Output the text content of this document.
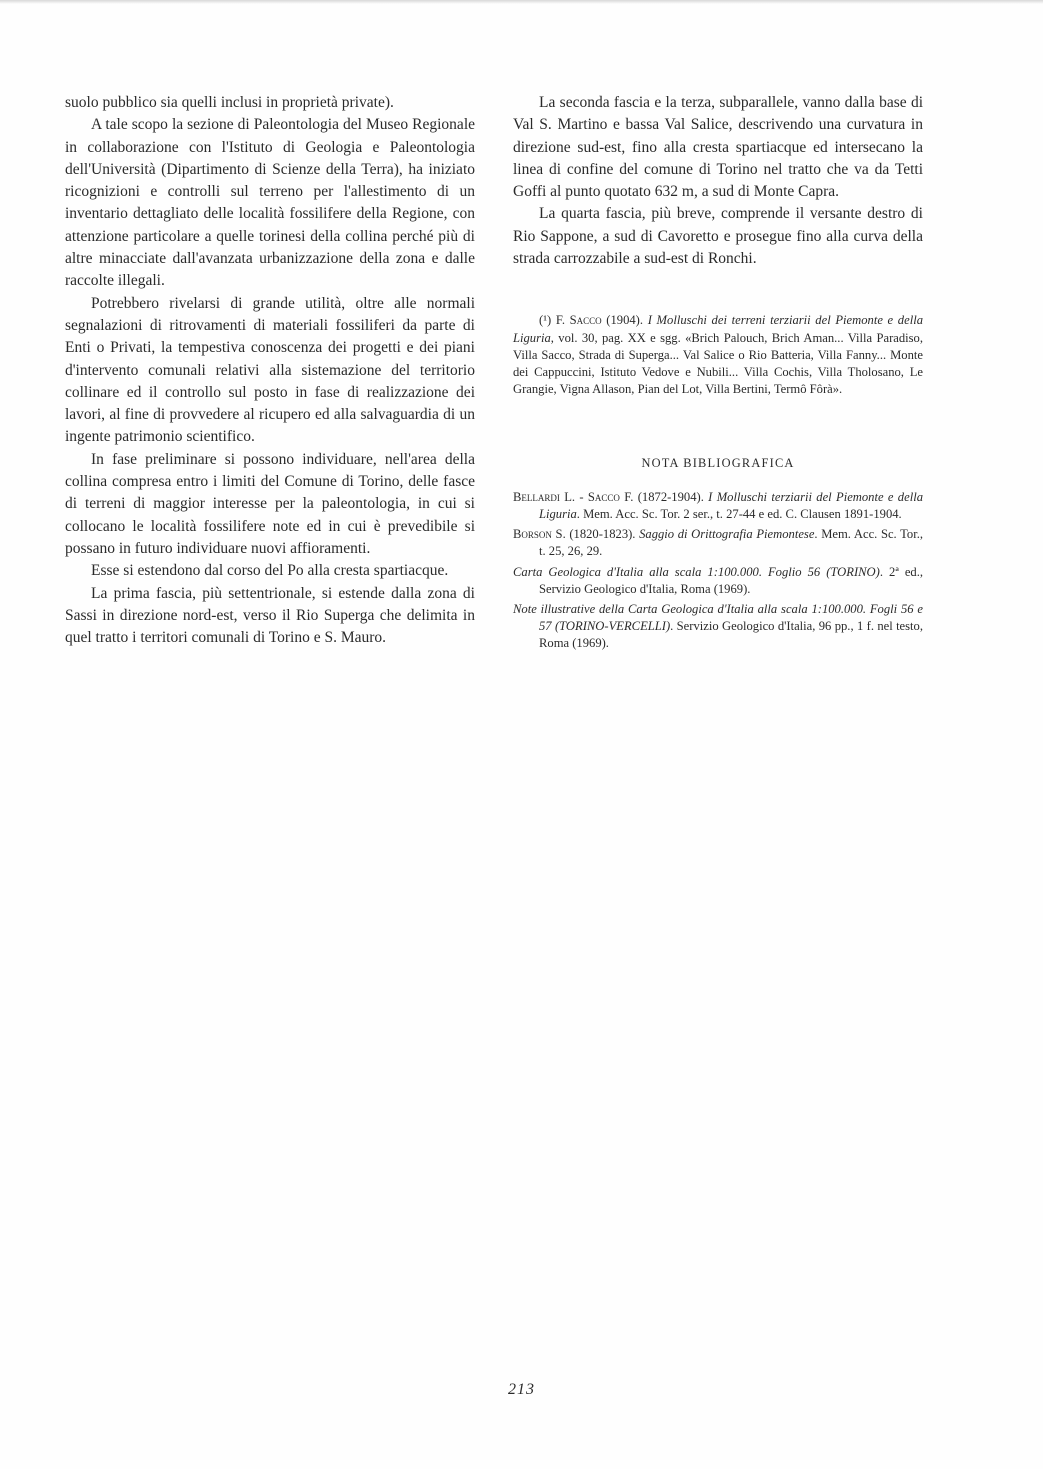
suolo pubblico sia quelli inclusi in proprietà private).

A tale scopo la sezione di Paleontologia del Museo Regionale in collaborazione con l'Istituto di Geologia e Paleontologia dell'Università (Dipartimento di Scienze della Terra), ha iniziato ricognizioni e controlli sul terreno per l'allestimento di un inventario dettagliato delle località fossilifere della Regione, con attenzione particolare a quelle torinesi della collina perché più di altre minacciate dall'avanzata urbanizzazione della zona e dalle raccolte illegali.

Potrebbero rivelarsi di grande utilità, oltre alle normali segnalazioni di ritrovamenti di materiali fossiliferi da parte di Enti o Privati, la tempestiva conoscenza dei progetti e dei piani d'intervento comunali relativi alla sistemazione del territorio collinare ed il controllo sul posto in fase di realizzazione dei lavori, al fine di provvedere al ricupero ed alla salvaguardia di un ingente patrimonio scientifico.

In fase preliminare si possono individuare, nell'area della collina compresa entro i limiti del Comune di Torino, delle fasce di terreni di maggior interesse per la paleontologia, in cui si collocano le località fossilifere note ed in cui è prevedibile si possano in futuro individuare nuovi affioramenti.

Esse si estendono dal corso del Po alla cresta spartiacque.

La prima fascia, più settentrionale, si estende dalla zona di Sassi in direzione nord-est, verso il Rio Superga che delimita in quel tratto i territori comunali di Torino e S. Mauro.

La seconda fascia e la terza, subparallele, vanno dalla base di Val S. Martino e bassa Val Salice, descrivendo una curvatura in direzione sud-est, fino alla cresta spartiacque ed intersecano la linea di confine del comune di Torino nel tratto che va da Tetti Goffi al punto quotato 632 m, a sud di Monte Capra.

La quarta fascia, più breve, comprende il versante destro di Rio Sappone, a sud di Cavoretto e prosegue fino alla curva della strada carrozzabile a sud-est di Ronchi.

(¹) F. Sacco (1904). I Molluschi dei terreni terziarii del Piemonte e della Liguria, vol. 30, pag. XX e sgg. «Brich Palouch, Brich Aman... Villa Paradiso, Villa Sacco, Strada di Superga... Val Salice o Rio Batteria, Villa Fanny... Monte dei Cappuccini, Istituto Vedove e Nubili... Villa Cochis, Villa Tholosano, Le Grangie, Vigna Allason, Pian del Lot, Villa Bertini, Termô Fôrà».

NOTA BIBLIOGRAFICA

Bellardi L. - Sacco F. (1872-1904). I Molluschi terziarii del Piemonte e della Liguria. Mem. Acc. Sc. Tor. 2 ser., t. 27-44 e ed. C. Clausen 1891-1904.

Borson S. (1820-1823). Saggio di Orittografia Piemontese. Mem. Acc. Sc. Tor., t. 25, 26, 29.

Carta Geologica d'Italia alla scala 1:100.000. Foglio 56 (TORINO). 2ª ed., Servizio Geologico d'Italia, Roma (1969).

Note illustrative della Carta Geologica d'Italia alla scala 1:100.000. Fogli 56 e 57 (TORINO-VERCELLI). Servizio Geologico d'Italia, 96 pp., 1 f. nel testo, Roma (1969).

213
